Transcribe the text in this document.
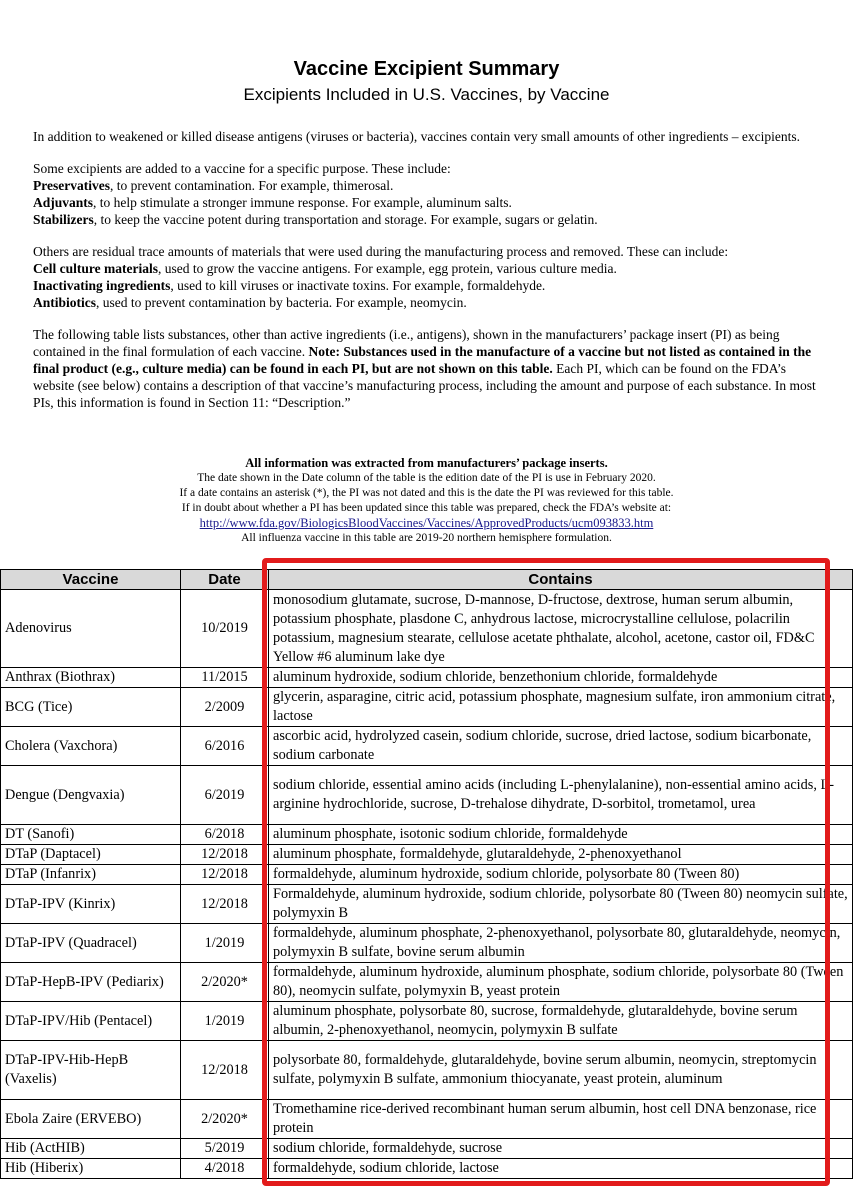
Vaccine Excipient Summary
Excipients Included in U.S. Vaccines, by Vaccine

In addition to weakened or killed disease antigens (viruses or bacteria), vaccines contain very small amounts of other ingredients – excipients.

Some excipients are added to a vaccine for a specific purpose. These include:
Preservatives, to prevent contamination. For example, thimerosal.
Adjuvants, to help stimulate a stronger immune response. For example, aluminum salts.
Stabilizers, to keep the vaccine potent during transportation and storage. For example, sugars or gelatin.

Others are residual trace amounts of materials that were used during the manufacturing process and removed. These can include:
Cell culture materials, used to grow the vaccine antigens. For example, egg protein, various culture media.
Inactivating ingredients, used to kill viruses or inactivate toxins. For example, formaldehyde.
Antibiotics, used to prevent contamination by bacteria. For example, neomycin.

The following table lists substances, other than active ingredients (i.e., antigens), shown in the manufacturers’ package insert (PI) as being contained in the final formulation of each vaccine. Note: Substances used in the manufacture of a vaccine but not listed as contained in the final product (e.g., culture media) can be found in each PI, but are not shown on this table. Each PI, which can be found on the FDA’s website (see below) contains a description of that vaccine’s manufacturing process, including the amount and purpose of each substance. In most PIs, this information is found in Section 11: “Description.”

All information was extracted from manufacturers’ package inserts.
The date shown in the Date column of the table is the edition date of the PI is use in February 2020.
If a date contains an asterisk (*), the PI was not dated and this is the date the PI was reviewed for this table.
If in doubt about whether a PI has been updated since this table was prepared, check the FDA’s website at:
http://www.fda.gov/BiologicsBloodVaccines/Vaccines/ApprovedProducts/ucm093833.htm
All influenza vaccine in this table are 2019-20 northern hemisphere formulation.
Vaccine	Date	Contains
Adenovirus	10/2019	monosodium glutamate, sucrose, D-mannose, D-fructose, dextrose, human serum albumin, potassium phosphate, plasdone C, anhydrous lactose, microcrystalline cellulose, polacrilin potassium, magnesium stearate, cellulose acetate phthalate, alcohol, acetone, castor oil, FD&C Yellow #6 aluminum lake dye
Anthrax (Biothrax)	11/2015	aluminum hydroxide, sodium chloride, benzethonium chloride, formaldehyde
BCG (Tice)	2/2009	glycerin, asparagine, citric acid, potassium phosphate, magnesium sulfate, iron ammonium citrate, lactose
Cholera (Vaxchora)	6/2016	ascorbic acid, hydrolyzed casein, sodium chloride, sucrose, dried lactose, sodium bicarbonate, sodium carbonate
Dengue (Dengvaxia)	6/2019	sodium chloride, essential amino acids (including L-phenylalanine), non-essential amino acids, L-arginine hydrochloride, sucrose, D-trehalose dihydrate, D-sorbitol, trometamol, urea
DT (Sanofi)	6/2018	aluminum phosphate, isotonic sodium chloride, formaldehyde
DTaP (Daptacel)	12/2018	aluminum phosphate, formaldehyde, glutaraldehyde, 2-phenoxyethanol
DTaP (Infanrix)	12/2018	formaldehyde, aluminum hydroxide, sodium chloride, polysorbate 80 (Tween 80)
DTaP-IPV (Kinrix)	12/2018	Formaldehyde, aluminum hydroxide, sodium chloride, polysorbate 80 (Tween 80) neomycin sulfate, polymyxin B
DTaP-IPV (Quadracel)	1/2019	formaldehyde, aluminum phosphate, 2-phenoxyethanol, polysorbate 80, glutaraldehyde, neomycin, polymyxin B sulfate, bovine serum albumin
DTaP-HepB-IPV (Pediarix)	2/2020*	formaldehyde, aluminum hydroxide, aluminum phosphate, sodium chloride, polysorbate 80 (Tween 80), neomycin sulfate, polymyxin B, yeast protein
DTaP-IPV/Hib (Pentacel)	1/2019	aluminum phosphate, polysorbate 80, sucrose, formaldehyde, glutaraldehyde, bovine serum albumin, 2-phenoxyethanol, neomycin, polymyxin B sulfate
DTaP-IPV-Hib-HepB (Vaxelis)	12/2018	polysorbate 80, formaldehyde, glutaraldehyde, bovine serum albumin, neomycin, streptomycin sulfate, polymyxin B sulfate, ammonium thiocyanate, yeast protein, aluminum
Ebola Zaire (ERVEBO)	2/2020*	Tromethamine rice-derived recombinant human serum albumin, host cell DNA benzonase, rice protein
Hib (ActHIB)	5/2019	sodium chloride, formaldehyde, sucrose
Hib (Hiberix)	4/2018	formaldehyde, sodium chloride, lactose
